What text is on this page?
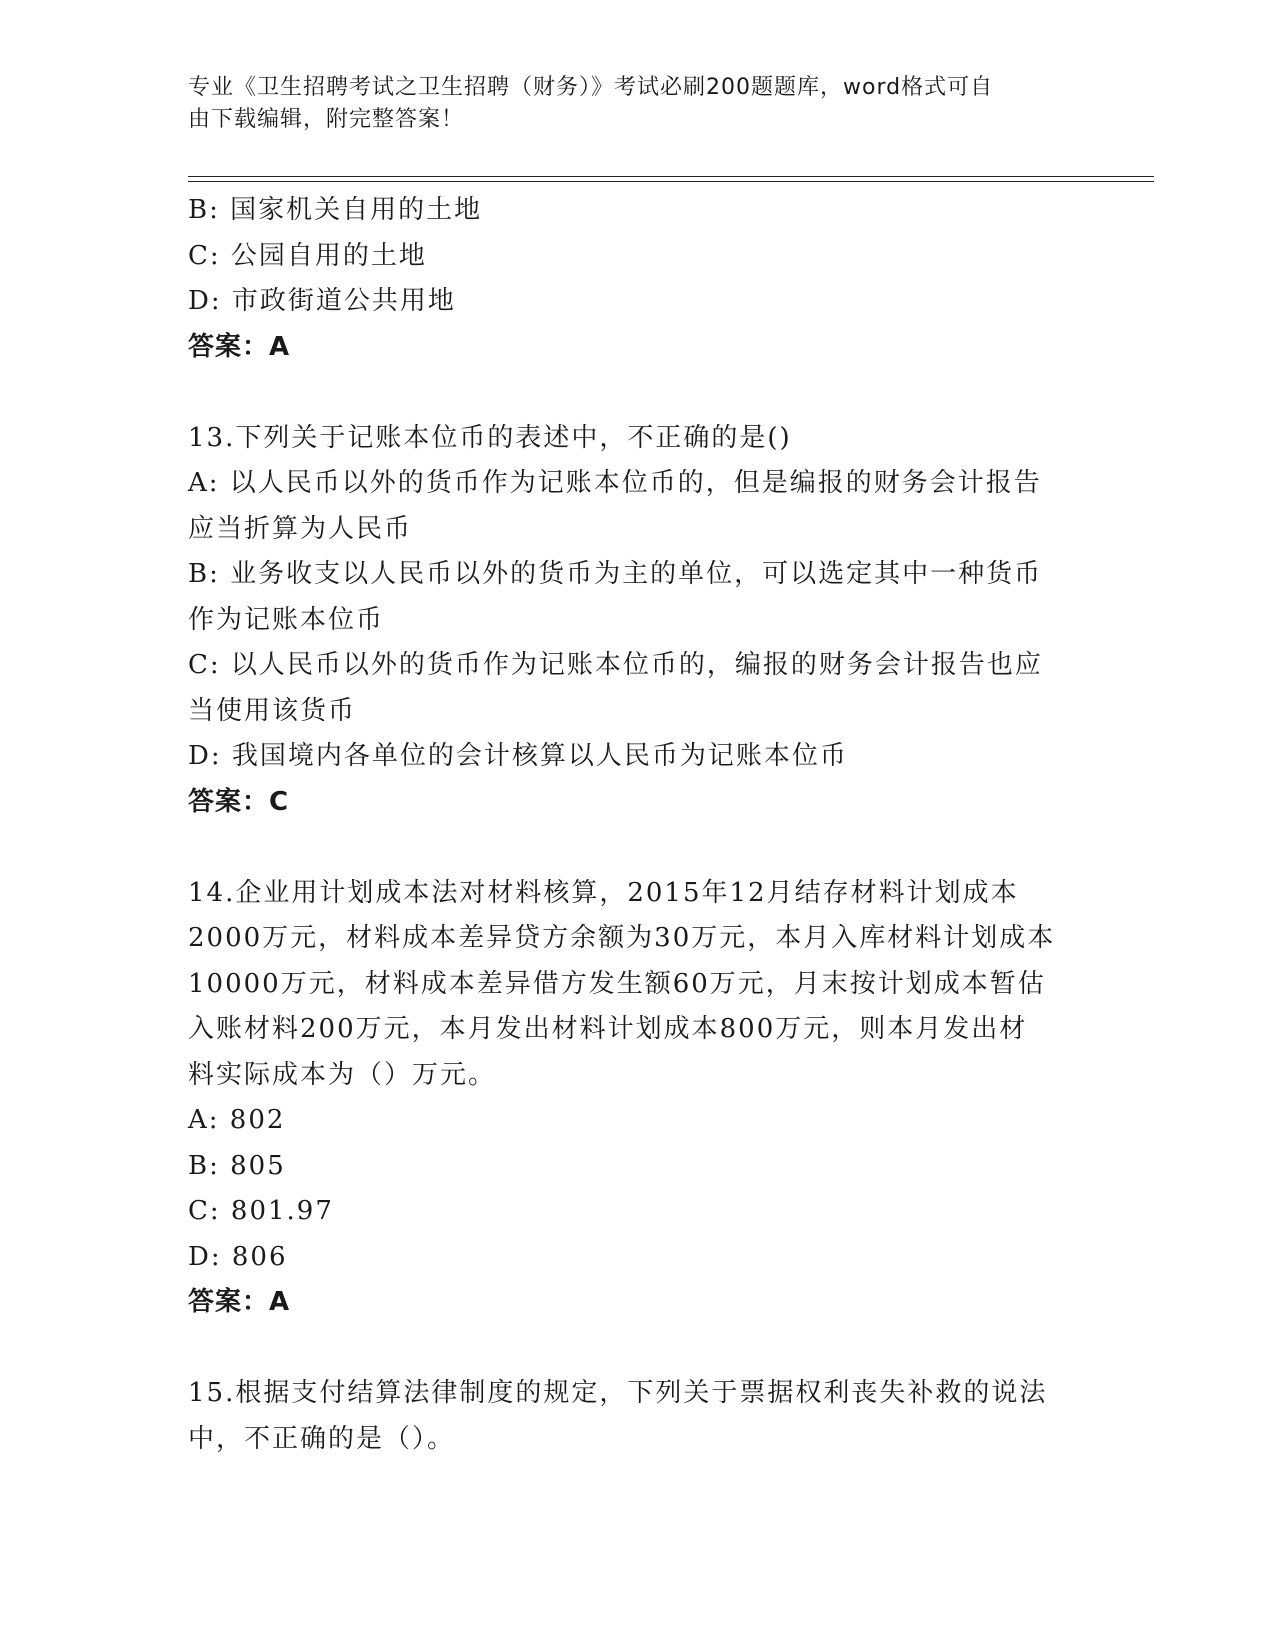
专业《卫生招聘考试之卫生招聘（财务）》考试必刷200题题库，word格式可自
由下载编辑，附完整答案！
B: 国家机关自用的土地
C: 公园自用的土地
D: 市政街道公共用地
答案：A
13.下列关于记账本位币的表述中，不正确的是()
A: 以人民币以外的货币作为记账本位币的，但是编报的财务会计报告
应当折算为人民币
B: 业务收支以人民币以外的货币为主的单位，可以选定其中一种货币
作为记账本位币
C: 以人民币以外的货币作为记账本位币的，编报的财务会计报告也应
当使用该货币
D: 我国境内各单位的会计核算以人民币为记账本位币
答案：C
14.企业用计划成本法对材料核算，2015年12月结存材料计划成本
2000万元，材料成本差异贷方余额为30万元，本月入库材料计划成本
10000万元，材料成本差异借方发生额60万元，月末按计划成本暂估
入账材料200万元，本月发出材料计划成本800万元，则本月发出材
料实际成本为（）万元。
A: 802
B: 805
C: 801.97
D: 806
答案：A
15.根据支付结算法律制度的规定，下列关于票据权利丧失补救的说法
中，不正确的是（）。
